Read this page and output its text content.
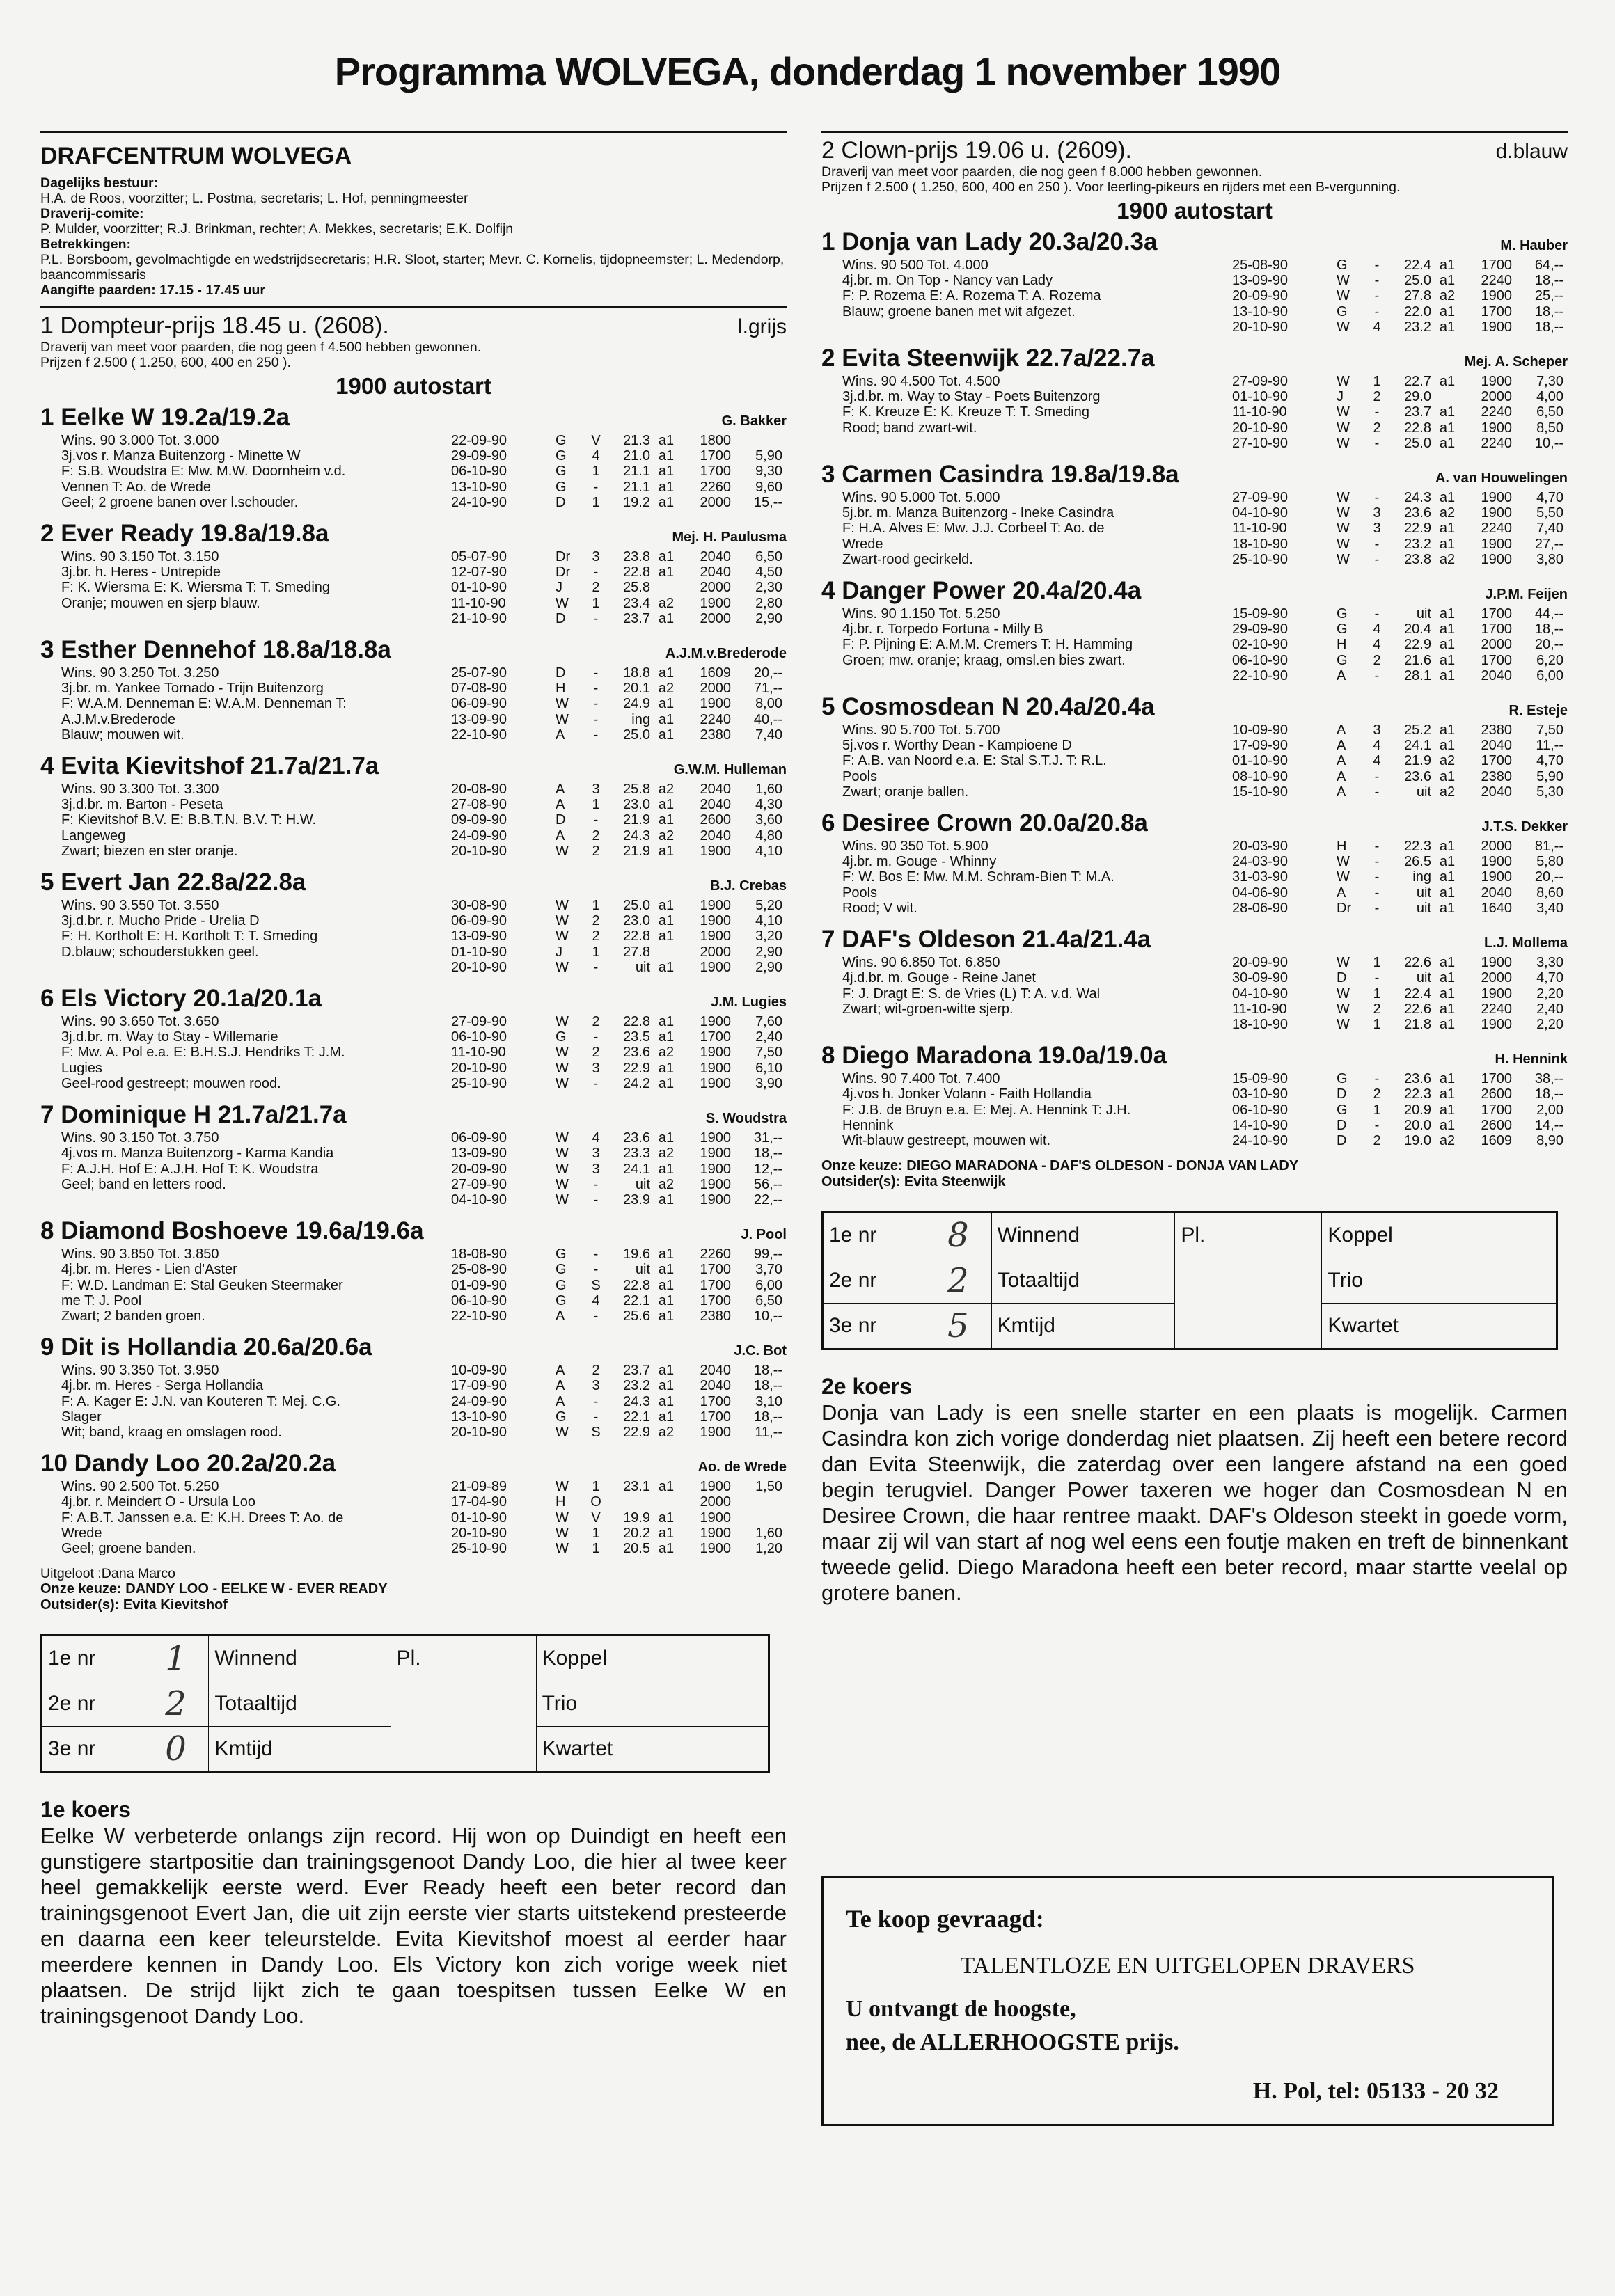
Programma WOLVEGA, donderdag 1 november 1990
DRAFCENTRUM WOLVEGA
Dagelijks bestuur:
H.A. de Roos, voorzitter; L. Postma, secretaris; L. Hof, penningmeester
Draverij-comite:
P. Mulder, voorzitter; R.J. Brinkman, rechter; A. Mekkes, secretaris; E.K. Dolfijn
Betrekkingen:
P.L. Borsboom, gevolmachtigde en wedstrijdsecretaris; H.R. Sloot, starter; Mevr. C. Kornelis, tijdopneemster; L. Medendorp, baancommissaris
Aangifte paarden: 17.15 - 17.45 uur
1 Dompteur-prijs 18.45 u. (2608).	l.grijs
Draverij van meet voor paarden, die nog geen f 4.500 hebben gewonnen.
Prijzen f 2.500 ( 1.250, 600, 400 en 250 ).
1900 autostart
1 Eelke W 19.2a/19.2a	G. Bakker
Wins. 90 3.000 Tot. 3.000
3j.vos r. Manza Buitenzorg - Minette W
F: S.B. Woudstra E: Mw. M.W. Doornheim v.d.
Vennen T: Ao. de Wrede
Geel; 2 groene banen over l.schouder.
22-09-90	G	V	21.3 a1	1800
29-09-90	G	4	21.0 a1	1700	5,90
06-10-90	G	1	21.1 a1	1700	9,30
13-10-90	G	-	21.1 a1	2260	9,60
24-10-90	D	1	19.2 a1	2000	15,--
2 Ever Ready 19.8a/19.8a	Mej. H. Paulusma
Wins. 90 3.150 Tot. 3.150
3j.br. h. Heres - Untrepide
F: K. Wiersma E: K. Wiersma T: T. Smeding
Oranje; mouwen en sjerp blauw.
05-07-90	Dr	3	23.8 a1	2040	6,50
12-07-90	Dr	-	22.8 a1	2040	4,50
01-10-90	J	2	25.8	2000	2,30
11-10-90	W	1	23.4 a2	1900	2,80
21-10-90	D	-	23.7 a1	2000	2,90
3 Esther Dennehof 18.8a/18.8a	A.J.M.v.Brederode
Wins. 90 3.250 Tot. 3.250
3j.br. m. Yankee Tornado - Trijn Buitenzorg
F: W.A.M. Denneman E: W.A.M. Denneman T:
A.J.M.v.Brederode
Blauw; mouwen wit.
25-07-90	D	-	18.8 a1	1609	20,--
07-08-90	H	-	20.1 a2	2000	71,--
06-09-90	W	-	24.9 a1	1900	8,00
13-09-90	W	-	ing a1	2240	40,--
22-10-90	A	-	25.0 a1	2380	7,40
4 Evita Kievitshof 21.7a/21.7a	G.W.M. Hulleman
Wins. 90 3.300 Tot. 3.300
3j.d.br. m. Barton - Peseta
F: Kievitshof B.V. E: B.B.T.N. B.V. T: H.W.
Langeweg
Zwart; biezen en ster oranje.
20-08-90	A	3	25.8 a2	2040	1,60
27-08-90	A	1	23.0 a1	2040	4,30
09-09-90	D	-	21.9 a1	2600	3,60
24-09-90	A	2	24.3 a2	2040	4,80
20-10-90	W	2	21.9 a1	1900	4,10
5 Evert Jan 22.8a/22.8a	B.J. Crebas
Wins. 90 3.550 Tot. 3.550
3j.d.br. r. Mucho Pride - Urelia D
F: H. Kortholt E: H. Kortholt T: T. Smeding
D.blauw; schouderstukken geel.
30-08-90	W	1	25.0 a1	1900	5,20
06-09-90	W	2	23.0 a1	1900	4,10
13-09-90	W	2	22.8 a1	1900	3,20
01-10-90	J	1	27.8	2000	2,90
20-10-90	W	-	uit a1	1900	2,90
6 Els Victory 20.1a/20.1a	J.M. Lugies
Wins. 90 3.650 Tot. 3.650
3j.d.br. m. Way to Stay - Willemarie
F: Mw. A. Pol e.a. E: B.H.S.J. Hendriks T: J.M.
Lugies
Geel-rood gestreept; mouwen rood.
27-09-90	W	2	22.8 a1	1900	7,60
06-10-90	G	-	23.5 a1	1700	2,40
11-10-90	W	2	23.6 a2	1900	7,50
20-10-90	W	3	22.9 a1	1900	6,10
25-10-90	W	-	24.2 a1	1900	3,90
7 Dominique H 21.7a/21.7a	S. Woudstra
Wins. 90 3.150 Tot. 3.750
4j.vos m. Manza Buitenzorg - Karma Kandia
F: A.J.H. Hof E: A.J.H. Hof T: K. Woudstra
Geel; band en letters rood.
06-09-90	W	4	23.6 a1	1900	31,--
13-09-90	W	3	23.3 a2	1900	18,--
20-09-90	W	3	24.1 a1	1900	12,--
27-09-90	W	-	uit a2	1900	56,--
04-10-90	W	-	23.9 a1	1900	22,--
8 Diamond Boshoeve 19.6a/19.6a	J. Pool
Wins. 90 3.850 Tot. 3.850
4j.br. m. Heres - Lien d'Aster
F: W.D. Landman E: Stal Geuken Steermaker
me T: J. Pool
Zwart; 2 banden groen.
18-08-90	G	-	19.6 a1	2260	99,--
25-08-90	G	-	uit a1	1700	3,70
01-09-90	G	S	22.8 a1	1700	6,00
06-10-90	G	4	22.1 a1	1700	6,50
22-10-90	A	-	25.6 a1	2380	10,--
9 Dit is Hollandia 20.6a/20.6a	J.C. Bot
Wins. 90 3.350 Tot. 3.950
4j.br. m. Heres - Serga Hollandia
F: A. Kager E: J.N. van Kouteren T: Mej. C.G.
Slager
Wit; band, kraag en omslagen rood.
10-09-90	A	2	23.7 a1	2040	18,--
17-09-90	A	3	23.2 a1	2040	18,--
24-09-90	A	-	24.3 a1	1700	3,10
13-10-90	G	-	22.1 a1	1700	18,--
20-10-90	W	S	22.9 a2	1900	11,--
10 Dandy Loo 20.2a/20.2a	Ao. de Wrede
Wins. 90 2.500 Tot. 5.250
4j.br. r. Meindert O - Ursula Loo
F: A.B.T. Janssen e.a. E: K.H. Drees T: Ao. de
Wrede
Geel; groene banden.
21-09-89	W	1	23.1 a1	1900	1,50
17-04-90	H	O	2000
01-10-90	W	V	19.9 a1	1900
20-10-90	W	1	20.2 a1	1900	1,60
25-10-90	W	1	20.5 a1	1900	1,20
Uitgeloot :Dana Marco
Onze keuze: DANDY LOO - EELKE W - EVER READY
Outsider(s): Evita Kievitshof
1e nr	1	Winnend	Pl.	Koppel
2e nr	2	Totaaltijd		Trio
3e nr	0	Kmtijd		Kwartet
1e koers
Eelke W verbeterde onlangs zijn record. Hij won op Duindigt en heeft een gunstigere startpositie dan trainingsgenoot Dandy Loo, die hier al twee keer heel gemakkelijk eerste werd. Ever Ready heeft een beter record dan trainingsgenoot Evert Jan, die uit zijn eerste vier starts uitstekend presteerde en daarna een keer teleurstelde. Evita Kievitshof moest al eerder haar meerdere kennen in Dandy Loo. Els Victory kon zich vorige week niet plaatsen. De strijd lijkt zich te gaan toespitsen tussen Eelke W en trainingsgenoot Dandy Loo.
2 Clown-prijs 19.06 u. (2609).	d.blauw
Draverij van meet voor paarden, die nog geen f 8.000 hebben gewonnen.
Prijzen f 2.500 ( 1.250, 600, 400 en 250 ). Voor leerling-pikeurs en rijders met een B-vergunning.
1900 autostart
1 Donja van Lady 20.3a/20.3a	M. Hauber
Wins. 90 500 Tot. 4.000
4j.br. m. On Top - Nancy van Lady
F: P. Rozema E: A. Rozema T: A. Rozema
Blauw; groene banen met wit afgezet.
25-08-90	G	-	22.4 a1	1700	64,--
13-09-90	W	-	25.0 a1	2240	18,--
20-09-90	W	-	27.8 a2	1900	25,--
13-10-90	G	-	22.0 a1	1700	18,--
20-10-90	W	4	23.2 a1	1900	18,--
2 Evita Steenwijk 22.7a/22.7a	Mej. A. Scheper
Wins. 90 4.500 Tot. 4.500
3j.d.br. m. Way to Stay - Poets Buitenzorg
F: K. Kreuze E: K. Kreuze T: T. Smeding
Rood; band zwart-wit.
27-09-90	W	1	22.7 a1	1900	7,30
01-10-90	J	2	29.0	2000	4,00
11-10-90	W	-	23.7 a1	2240	6,50
20-10-90	W	2	22.8 a1	1900	8,50
27-10-90	W	-	25.0 a1	2240	10,--
3 Carmen Casindra 19.8a/19.8a	A. van Houwelingen
Wins. 90 5.000 Tot. 5.000
5j.br. m. Manza Buitenzorg - Ineke Casindra
F: H.A. Alves E: Mw. J.J. Corbeel T: Ao. de
Wrede
Zwart-rood gecirkeld.
27-09-90	W	-	24.3 a1	1900	4,70
04-10-90	W	3	23.6 a2	1900	5,50
11-10-90	W	3	22.9 a1	2240	7,40
18-10-90	W	-	23.2 a1	1900	27,--
25-10-90	W	-	23.8 a2	1900	3,80
4 Danger Power 20.4a/20.4a	J.P.M. Feijen
Wins. 90 1.150 Tot. 5.250
4j.br. r. Torpedo Fortuna - Milly B
F: P. Pijning E: A.M.M. Cremers T: H. Hamming
Groen; mw. oranje; kraag, omsl.en bies zwart.
15-09-90	G	-	uit a1	1700	44,--
29-09-90	G	4	20.4 a1	1700	18,--
02-10-90	H	4	22.9 a1	2000	20,--
06-10-90	G	2	21.6 a1	1700	6,20
22-10-90	A	-	28.1 a1	2040	6,00
5 Cosmosdean N 20.4a/20.4a	R. Esteje
Wins. 90 5.700 Tot. 5.700
5j.vos r. Worthy Dean - Kampioene D
F: A.B. van Noord e.a. E: Stal S.T.J. T: R.L.
Pools
Zwart; oranje ballen.
10-09-90	A	3	25.2 a1	2380	7,50
17-09-90	A	4	24.1 a1	2040	11,--
01-10-90	A	4	21.9 a2	1700	4,70
08-10-90	A	-	23.6 a1	2380	5,90
15-10-90	A	-	uit a2	2040	5,30
6 Desiree Crown 20.0a/20.8a	J.T.S. Dekker
Wins. 90 350 Tot. 5.900
4j.br. m. Gouge - Whinny
F: W. Bos E: Mw. M.M. Schram-Bien T: M.A.
Pools
Rood; V wit.
20-03-90	H	-	22.3 a1	2000	81,--
24-03-90	W	-	26.5 a1	1900	5,80
31-03-90	W	-	ing a1	1900	20,--
04-06-90	A	-	uit a1	2040	8,60
28-06-90	Dr	-	uit a1	1640	3,40
7 DAF's Oldeson 21.4a/21.4a	L.J. Mollema
Wins. 90 6.850 Tot. 6.850
4j.d.br. m. Gouge - Reine Janet
F: J. Dragt E: S. de Vries (L) T: A. v.d. Wal
Zwart; wit-groen-witte sjerp.
20-09-90	W	1	22.6 a1	1900	3,30
30-09-90	D	-	uit a1	2000	4,70
04-10-90	W	1	22.4 a1	1900	2,20
11-10-90	W	2	22.6 a1	2240	2,40
18-10-90	W	1	21.8 a1	1900	2,20
8 Diego Maradona 19.0a/19.0a	H. Hennink
Wins. 90 7.400 Tot. 7.400
4j.vos h. Jonker Volann - Faith Hollandia
F: J.B. de Bruyn e.a. E: Mej. A. Hennink T: J.H.
Hennink
Wit-blauw gestreept, mouwen wit.
15-09-90	G	-	23.6 a1	1700	38,--
03-10-90	D	2	22.3 a1	2600	18,--
06-10-90	G	1	20.9 a1	1700	2,00
14-10-90	D	-	20.0 a1	2600	14,--
24-10-90	D	2	19.0 a2	1609	8,90
Onze keuze: DIEGO MARADONA - DAF'S OLDESON - DONJA VAN LADY
Outsider(s): Evita Steenwijk
1e nr	8	Winnend	Pl.	Koppel
2e nr	2	Totaaltijd		Trio
3e nr	5	Kmtijd		Kwartet
2e koers
Donja van Lady is een snelle starter en een plaats is mogelijk. Carmen Casindra kon zich vorige donderdag niet plaatsen. Zij heeft een betere record dan Evita Steenwijk, die zaterdag over een langere afstand na een goed begin terugviel. Danger Power taxeren we hoger dan Cosmosdean N en Desiree Crown, die haar rentree maakt. DAF's Oldeson steekt in goede vorm, maar zij wil van start af nog wel eens een foutje maken en treft de binnenkant tweede gelid. Diego Maradona heeft een beter record, maar startte veelal op grotere banen.
Te koop gevraagd:
TALENTLOZE EN UITGELOPEN DRAVERS
U ontvangt de hoogste,
nee, de ALLERHOOGSTE prijs.
H. Pol, tel: 05133 - 20 32
